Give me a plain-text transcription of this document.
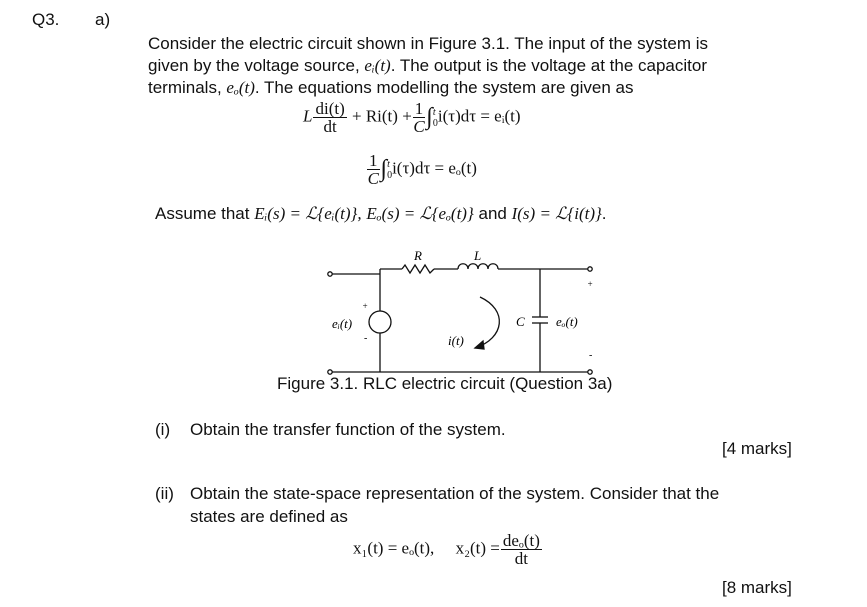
Q3. a)
Consider the electric circuit shown in Figure 3.1. The input of the system is
given by the voltage source, eᵢ(t). The output is the voltage at the capacitor
terminals, eₒ(t). The equations modelling the system are given as
L $\frac{di(t)}{dt} + Ri(t) + \frac{1}{C}$ ∫ t
0 i(τ)dτ = eᵢ(t)
$\frac{1}{C}$ ∫ t
0 i(τ)dτ = eₒ(t)
Assume that Eᵢ(s) = ℒ{eᵢ(t)}, Eₒ(s) = ℒ{eₒ(t)} and I(s) = ℒ{i(t)}.
R	L
C
eᵢ(t)	eₒ(t)
i(t)
+
-
+
-
Figure 3.1. RLC electric circuit (Question 3a)
(i) Obtain the transfer function of the system.
[4 marks]
(ii) Obtain the state-space representation of the system. Consider that the
states are defined as
x₁(t) = eₒ(t), $x_2(t) = \frac{\text{deₒ(t)}}{dt}$
[8 marks]
